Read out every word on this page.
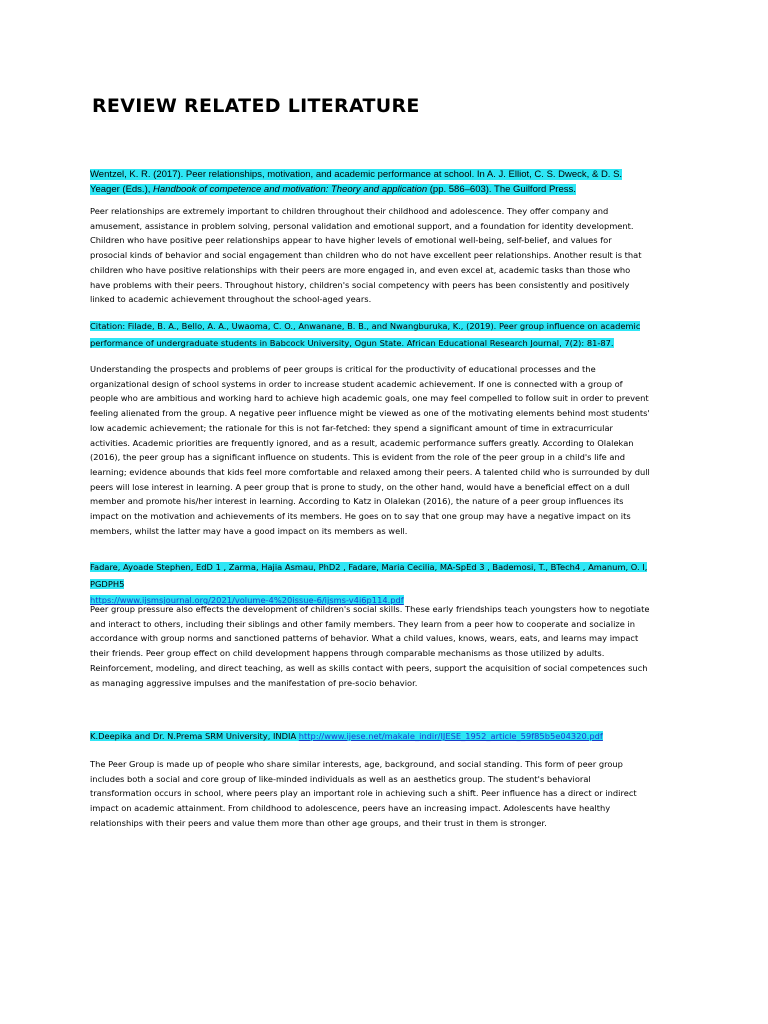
REVIEW RELATED LITERATURE

Wentzel, K. R. (2017). Peer relationships, motivation, and academic performance at school. In A. J. Elliot, C. S. Dweck, & D. S. Yeager (Eds.), Handbook of competence and motivation: Theory and application (pp. 586–603). The Guilford Press.

Peer relationships are extremely important to children throughout their childhood and adolescence. They offer company and amusement, assistance in problem solving, personal validation and emotional support, and a foundation for identity development. Children who have positive peer relationships appear to have higher levels of emotional well-being, self-belief, and values for prosocial kinds of behavior and social engagement than children who do not have excellent peer relationships. Another result is that children who have positive relationships with their peers are more engaged in, and even excel at, academic tasks than those who have problems with their peers. Throughout history, children's social competency with peers has been consistently and positively linked to academic achievement throughout the school-aged years.

Citation: Filade, B. A., Bello, A. A., Uwaoma, C. O., Anwanane, B. B., and Nwangburuka, K., (2019). Peer group influence on academic performance of undergraduate students in Babcock University, Ogun State. African Educational Research Journal, 7(2): 81-87.

Understanding the prospects and problems of peer groups is critical for the productivity of educational processes and the organizational design of school systems in order to increase student academic achievement. If one is connected with a group of people who are ambitious and working hard to achieve high academic goals, one may feel compelled to follow suit in order to prevent feeling alienated from the group. A negative peer influence might be viewed as one of the motivating elements behind most students' low academic achievement; the rationale for this is not far-fetched: they spend a significant amount of time in extracurricular activities. Academic priorities are frequently ignored, and as a result, academic performance suffers greatly. According to Olalekan (2016), the peer group has a significant influence on students. This is evident from the role of the peer group in a child's life and learning; evidence abounds that kids feel more comfortable and relaxed among their peers. A talented child who is surrounded by dull peers will lose interest in learning. A peer group that is prone to study, on the other hand, would have a beneficial effect on a dull member and promote his/her interest in learning. According to Katz in Olalekan (2016), the nature of a peer group influences its impact on the motivation and achievements of its members. He goes on to say that one group may have a negative impact on its members, whilst the latter may have a good impact on its members as well.

Fadare, Ayoade Stephen, EdD 1 , Zarma, Hajia Asmau, PhD2 , Fadare, Maria Cecilia, MA-SpEd 3 , Bademosi, T., BTech4 , Amanum, O. I, PGDPH5
https://www.ijsmsjournal.org/2021/volume-4%20issue-6/ijsms-v4i6p114.pdf

Peer group pressure also effects the development of children's social skills. These early friendships teach youngsters how to negotiate and interact to others, including their siblings and other family members. They learn from a peer how to cooperate and socialize in accordance with group norms and sanctioned patterns of behavior. What a child values, knows, wears, eats, and learns may impact their friends. Peer group effect on child development happens through comparable mechanisms as those utilized by adults. Reinforcement, modeling, and direct teaching, as well as skills contact with peers, support the acquisition of social competences such as managing aggressive impulses and the manifestation of pre-socio behavior.

K.Deepika and Dr. N.Prema SRM University, INDIA http://www.ijese.net/makale_indir/IJESE_1952_article_59f85b5e04320.pdf

The Peer Group is made up of people who share similar interests, age, background, and social standing. This form of peer group includes both a social and core group of like-minded individuals as well as an aesthetics group. The student's behavioral transformation occurs in school, where peers play an important role in achieving such a shift. Peer influence has a direct or indirect impact on academic attainment. From childhood to adolescence, peers have an increasing impact. Adolescents have healthy relationships with their peers and value them more than other age groups, and their trust in them is stronger.
